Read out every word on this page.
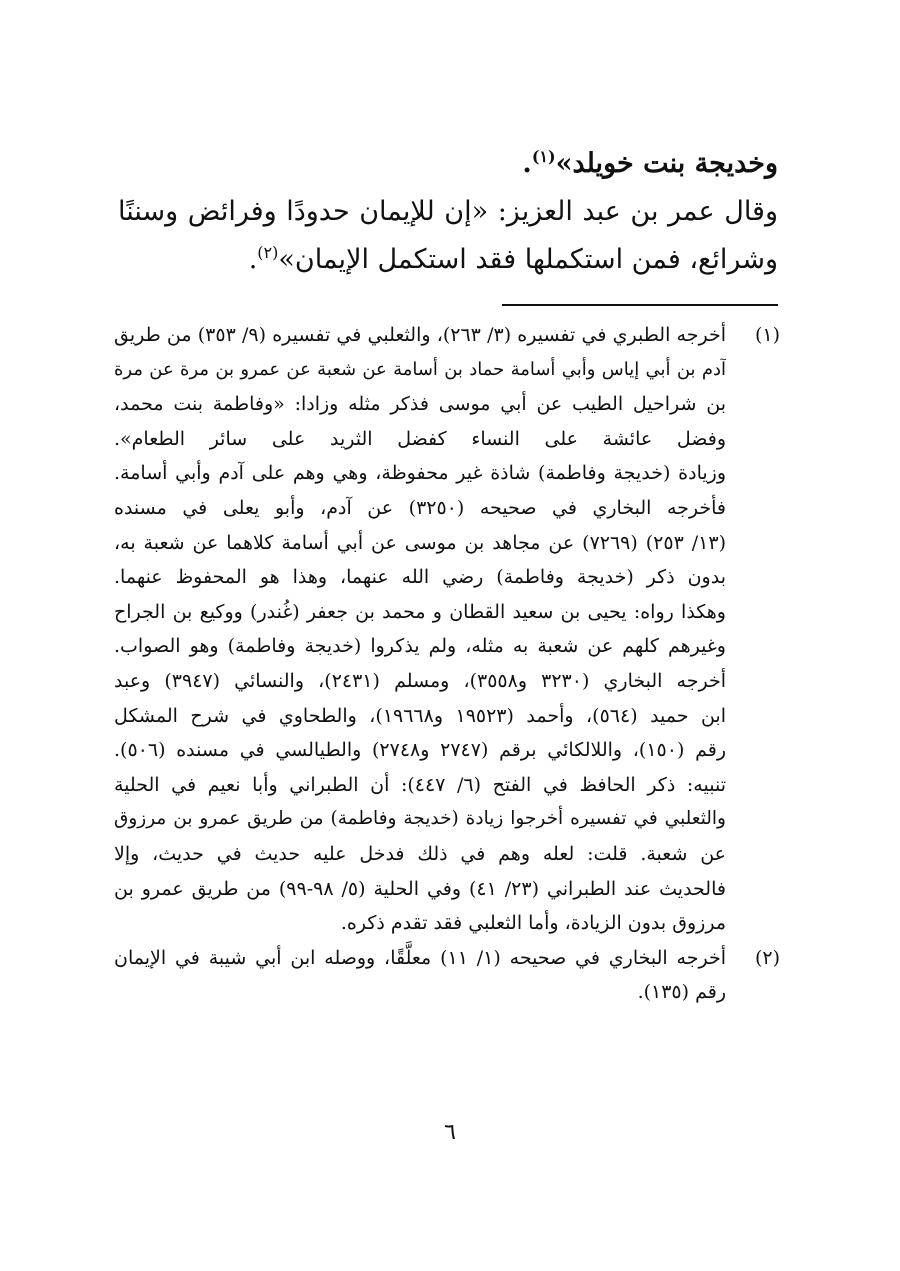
وخديجة بنت خويلد»$^{(١)}$.
وقال عمر بن عبد العزيز: «إن للإيمان حدودًا وفرائض وسننًا
وشرائع، فمن استكملها فقد استكمل الإيمان»$^{(٢)}$.
(١)
أخرجه الطبري في تفسيره (٣/ ٢٦٣)، والثعلبي في تفسيره (٩/ ٣٥٣) من طريق
آدم بن أبي إياس وأبي أسامة حماد بن أسامة عن شعبة عن عمرو بن مرة عن مرة
بن شراحيل الطيب عن أبي موسى فذكر مثله وزادا: «وفاطمة بنت محمد،
وفضل عائشة على النساء كفضل الثريد على سائر الطعام».
وزيادة (خديجة وفاطمة) شاذة غير محفوظة، وهي وهم على آدم وأبي أسامة.
فأخرجه البخاري في صحيحه (٣٢٥٠) عن آدم، وأبو يعلى في مسنده
(١٣/ ٢٥٣) (٧٢٦٩) عن مجاهد بن موسى عن أبي أسامة كلاهما عن شعبة به،
بدون ذكر (خديجة وفاطمة) رضي الله عنهما، وهذا هو المحفوظ عنهما.
وهكذا رواه: يحيى بن سعيد القطان و محمد بن جعفر (غُندر) ووكيع بن الجراح
وغيرهم كلهم عن شعبة به مثله، ولم يذكروا (خديجة وفاطمة) وهو الصواب.
أخرجه البخاري (٣٢٣٠ و٣٥٥٨)، ومسلم (٢٤٣١)، والنسائي (٣٩٤٧) وعبد
ابن حميد (٥٦٤)، وأحمد (١٩٥٢٣ و١٩٦٦٨)، والطحاوي في شرح المشكل
رقم (١٥٠)، واللالكائي برقم (٢٧٤٧ و٢٧٤٨) والطيالسي في مسنده (٥٠٦).
تنبيه: ذكر الحافظ في الفتح (٦/ ٤٤٧): أن الطبراني وأبا نعيم في الحلية
والثعلبي في تفسيره أخرجوا زيادة (خديجة وفاطمة) من طريق عمرو بن مرزوق
عن شعبة. قلت: لعله وهم في ذلك فدخل عليه حديث في حديث، وإلا
فالحديث عند الطبراني (٢٣/ ٤١) وفي الحلية (٥/ ٩٨-٩٩) من طريق عمرو بن
مرزوق بدون الزيادة، وأما الثعلبي فقد تقدم ذكره.
(٢)
أخرجه البخاري في صحيحه (١/ ١١) معلَّقًا، ووصله ابن أبي شيبة في الإيمان
رقم (١٣٥).
٦
